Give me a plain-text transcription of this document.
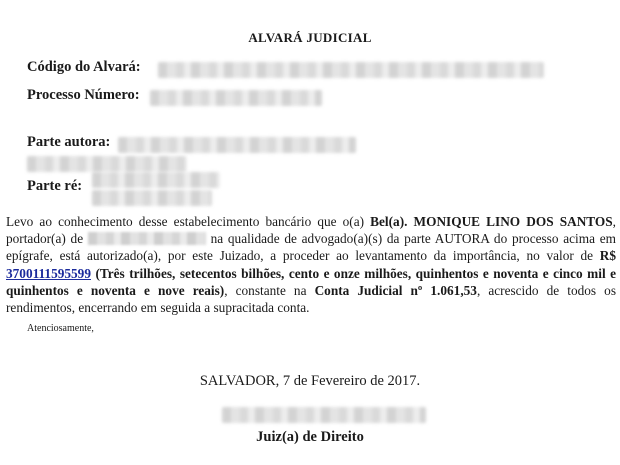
ALVARÁ JUDICIAL
Código do Alvará:
Processo Número:
Parte autora:
Parte ré:
Levo ao conhecimento desse estabelecimento bancário que o(a) Bel(a). MONIQUE LINO DOS SANTOS, portador(a) de	na qualidade de advogado(a)(s) da parte AUTORA do processo acima em epígrafe, está autorizado(a), por este Juizado, a proceder ao levantamento da importância, no valor de R$ 3700111595599 (Três trilhões, setecentos bilhões, cento e onze milhões, quinhentos e noventa e cinco mil e quinhentos e noventa e nove reais), constante na Conta Judicial nº 1.061,53, acrescido de todos os rendimentos, encerrando em seguida a supracitada conta.
Atenciosamente,
SALVADOR, 7 de Fevereiro de 2017.
Juiz(a) de Direito
